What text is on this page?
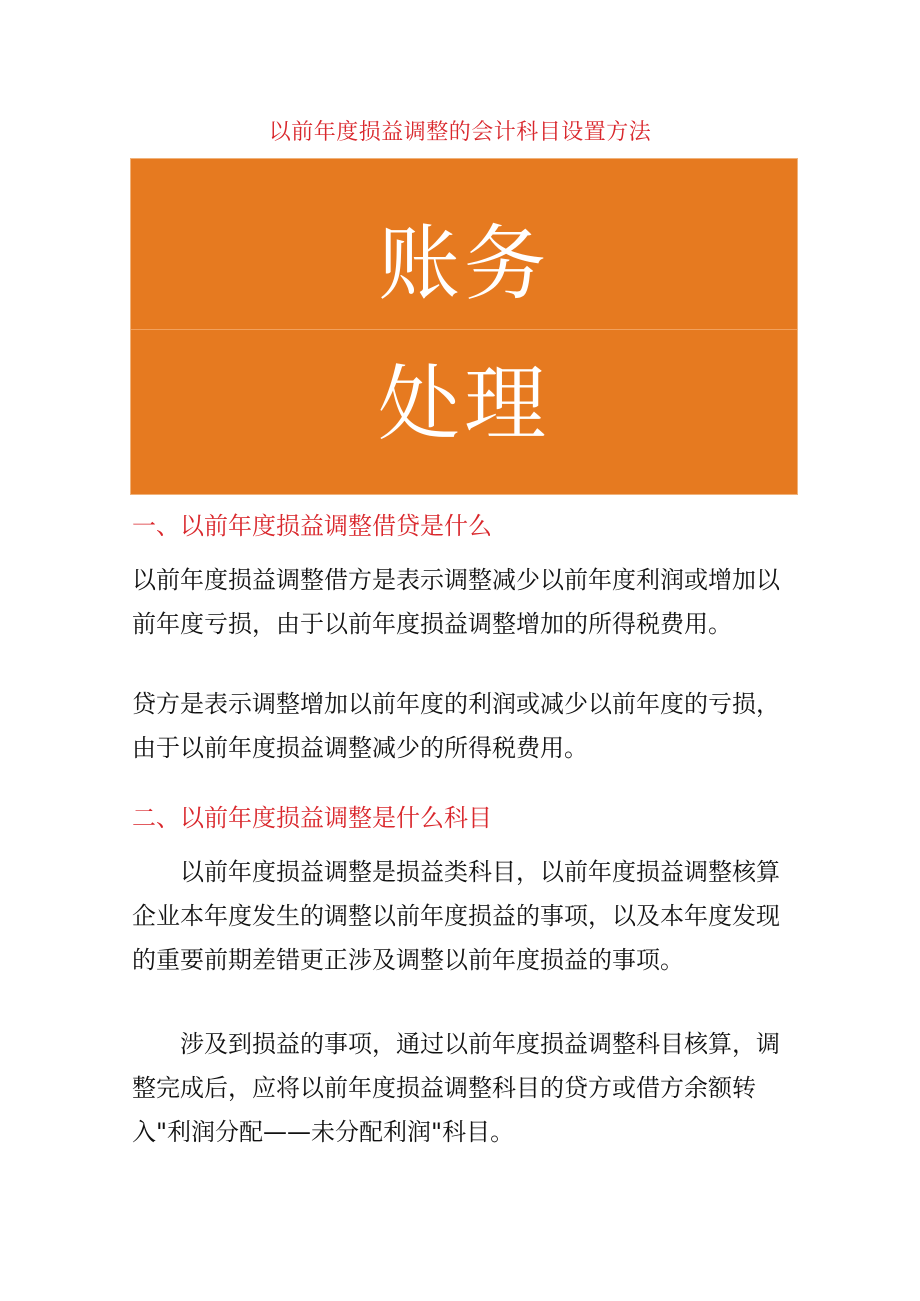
以前年度损益调整的会计科目设置方法
账务
处理

一、以前年度损益调整借贷是什么

以前年度损益调整借方是表示调整减少以前年度利润或增加以前年度亏损，由于以前年度损益调整增加的所得税费用。

贷方是表示调整增加以前年度的利润或减少以前年度的亏损，由于以前年度损益调整减少的所得税费用。

二、以前年度损益调整是什么科目

以前年度损益调整是损益类科目，以前年度损益调整核算企业本年度发生的调整以前年度损益的事项，以及本年度发现的重要前期差错更正涉及调整以前年度损益的事项。

涉及到损益的事项，通过以前年度损益调整科目核算，调整完成后，应将以前年度损益调整科目的贷方或借方余额转入"利润分配——未分配利润"科目。
